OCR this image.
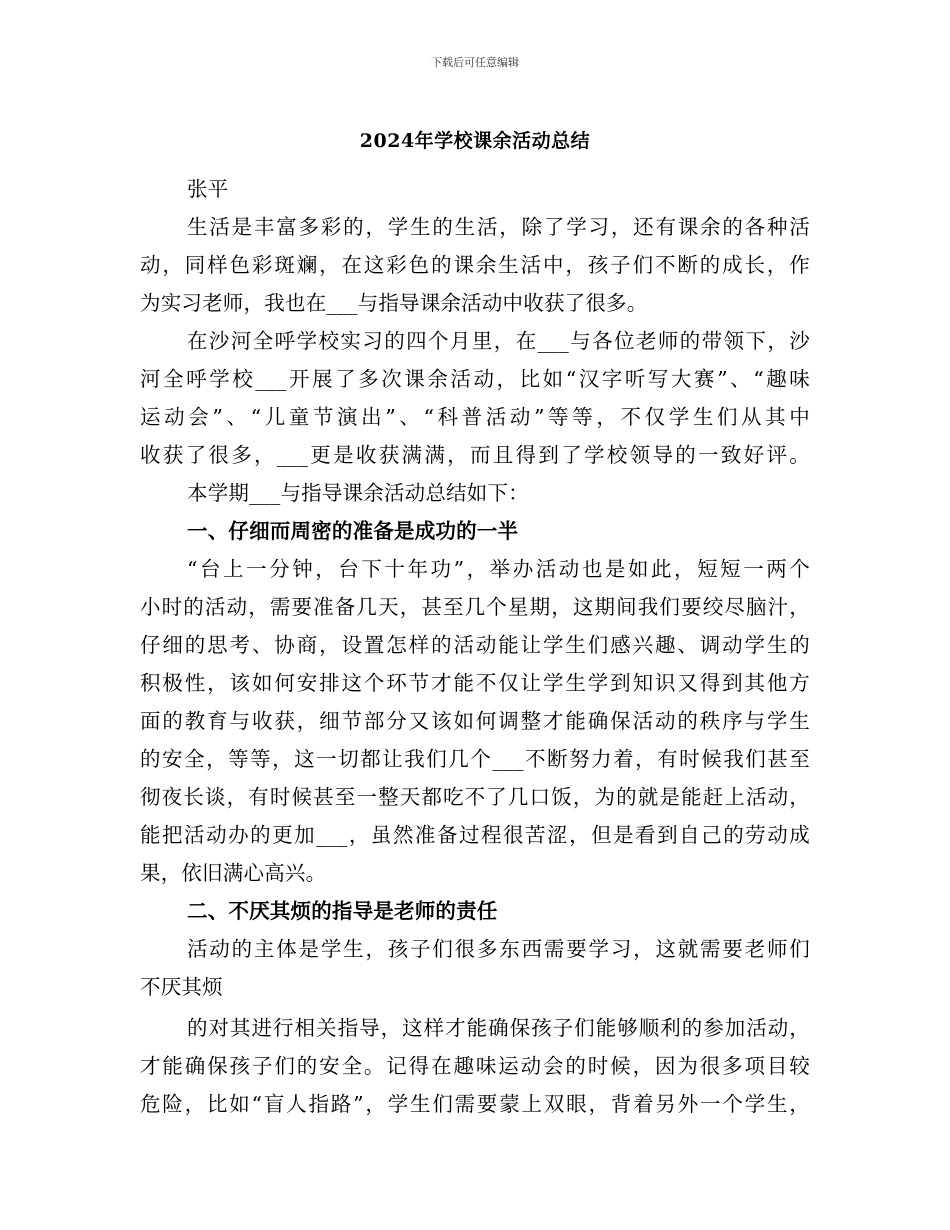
下载后可任意编辑
2024年学校课余活动总结
张平
生活是丰富多彩的，学生的生活，除了学习，还有课余的各种活
动，同样色彩斑斓，在这彩色的课余生活中，孩子们不断的成长，作
为实习老师，我也在___与指导课余活动中收获了很多。
在沙河全呼学校实习的四个月里，在___与各位老师的带领下，沙
河全呼学校___开展了多次课余活动，比如“汉字听写大赛”、“趣味
运动会”、“儿童节演出”、“科普活动”等等，不仅学生们从其中
收获了很多，___更是收获满满，而且得到了学校领导的一致好评。
本学期___与指导课余活动总结如下：
一、仔细而周密的准备是成功的一半
“台上一分钟，台下十年功”，举办活动也是如此，短短一两个
小时的活动，需要准备几天，甚至几个星期，这期间我们要绞尽脑汁，
仔细的思考、协商，设置怎样的活动能让学生们感兴趣、调动学生的
积极性，该如何安排这个环节才能不仅让学生学到知识又得到其他方
面的教育与收获，细节部分又该如何调整才能确保活动的秩序与学生
的安全，等等，这一切都让我们几个___不断努力着，有时候我们甚至
彻夜长谈，有时候甚至一整天都吃不了几口饭，为的就是能赶上活动，
能把活动办的更加___，虽然准备过程很苦涩，但是看到自己的劳动成
果，依旧满心高兴。
二、不厌其烦的指导是老师的责任
活动的主体是学生，孩子们很多东西需要学习，这就需要老师们
不厌其烦
的对其进行相关指导，这样才能确保孩子们能够顺利的参加活动，
才能确保孩子们的安全。记得在趣味运动会的时候，因为很多项目较
危险，比如“盲人指路”，学生们需要蒙上双眼，背着另外一个学生，
